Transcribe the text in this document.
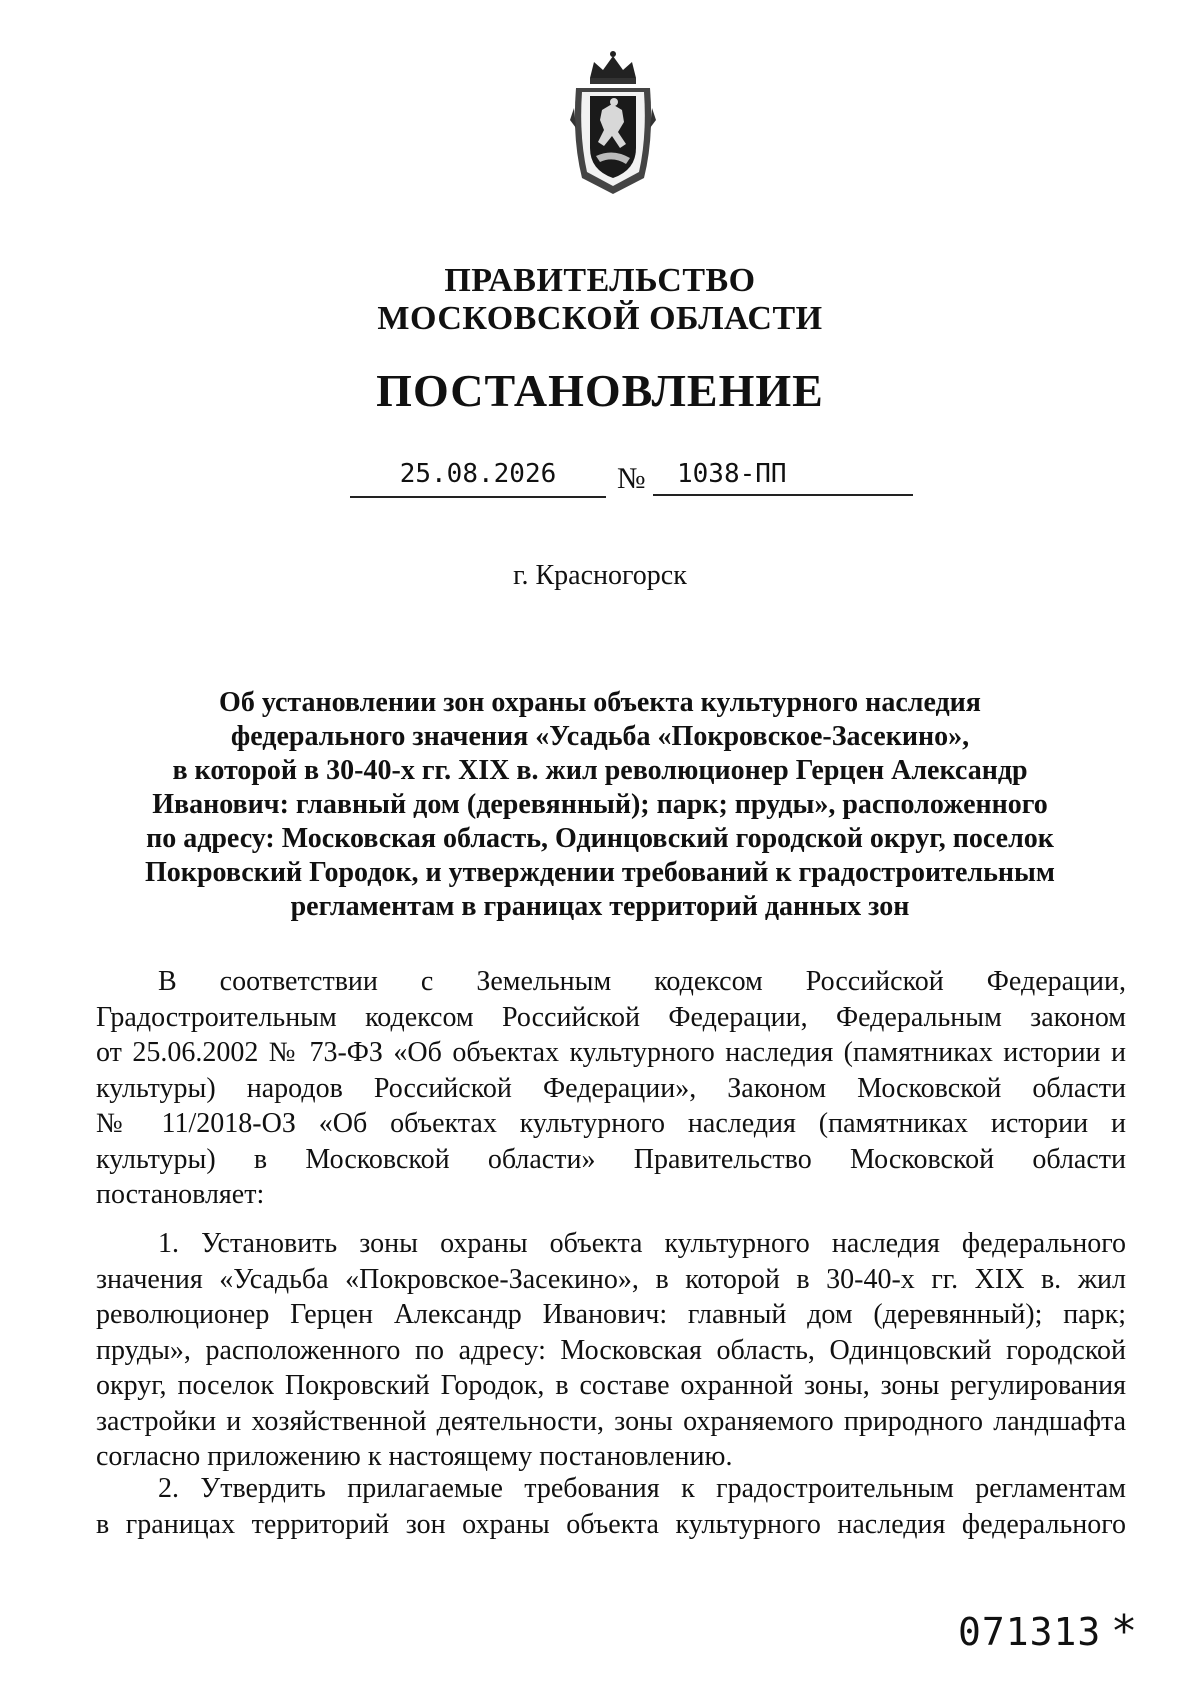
ПРАВИТЕЛЬСТВО
МОСКОВСКОЙ ОБЛАСТИ
ПОСТАНОВЛЕНИЕ
25.08.2026	№	1038-ПП
г. Красногорск
Об установлении зон охраны объекта культурного наследия
федерального значения «Усадьба «Покровское-Засекино»,
в которой в 30-40-х гг. XIX в. жил революционер Герцен Александр
Иванович: главный дом (деревянный); парк; пруды», расположенного
по адресу: Московская область, Одинцовский городской округ, поселок
Покровский Городок, и утверждении требований к градостроительным
регламентам в границах территорий данных зон
В соответствии с Земельным кодексом Российской Федерации,
Градостроительным кодексом Российской Федерации, Федеральным законом
от 25.06.2002 № 73-ФЗ «Об объектах культурного наследия (памятниках истории и
культуры) народов Российской Федерации», Законом Московской области
№ 11/2018-ОЗ «Об объектах культурного наследия (памятниках истории и
культуры) в Московской области» Правительство Московской области
постановляет:
1. Установить зоны охраны объекта культурного наследия федерального
значения «Усадьба «Покровское-Засекино», в которой в 30-40-х гг. XIX в. жил
революционер Герцен Александр Иванович: главный дом (деревянный); парк;
пруды», расположенного по адресу: Московская область, Одинцовский городской
округ, поселок Покровский Городок, в составе охранной зоны, зоны регулирования
застройки и хозяйственной деятельности, зоны охраняемого природного ландшафта
согласно приложению к настоящему постановлению.
2. Утвердить прилагаемые требования к градостроительным регламентам
в границах территорий зон охраны объекта культурного наследия федерального
071313 *
